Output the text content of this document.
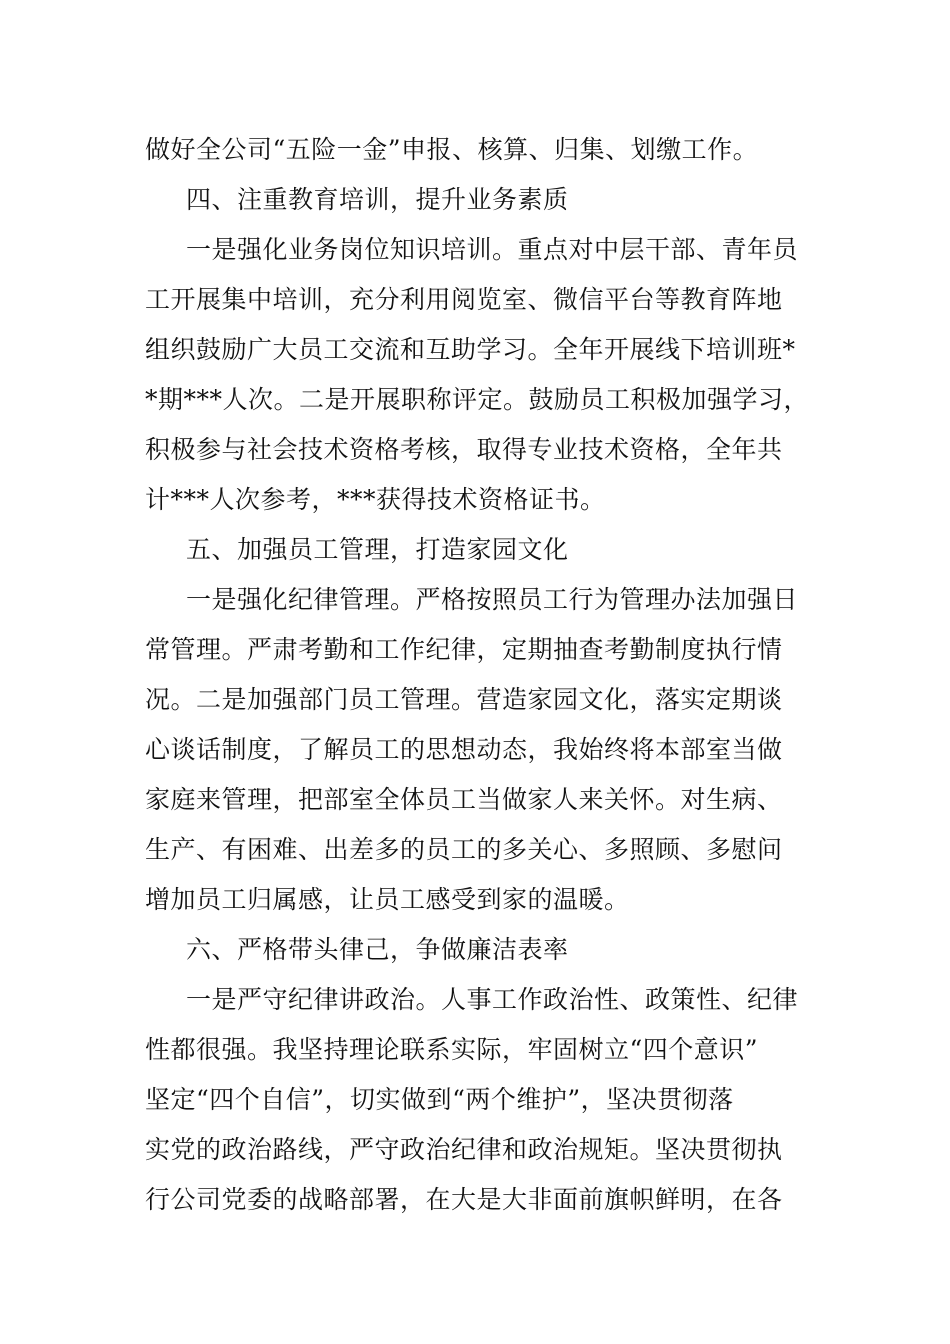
做好全公司“五险一金”申报、核算、归集、划缴工作。
四、注重教育培训，提升业务素质
一是强化业务岗位知识培训。重点对中层干部、青年员
工开展集中培训，充分利用阅览室、微信平台等教育阵地
组织鼓励广大员工交流和互助学习。全年开展线下培训班*
*期***人次。二是开展职称评定。鼓励员工积极加强学习，
积极参与社会技术资格考核，取得专业技术资格，全年共
计***人次参考，***获得技术资格证书。
五、加强员工管理，打造家园文化
一是强化纪律管理。严格按照员工行为管理办法加强日
常管理。严肃考勤和工作纪律，定期抽查考勤制度执行情
况。二是加强部门员工管理。营造家园文化，落实定期谈
心谈话制度，了解员工的思想动态，我始终将本部室当做
家庭来管理，把部室全体员工当做家人来关怀。对生病、
生产、有困难、出差多的员工的多关心、多照顾、多慰问
增加员工归属感，让员工感受到家的温暖。
六、严格带头律己，争做廉洁表率
一是严守纪律讲政治。人事工作政治性、政策性、纪律
性都很强。我坚持理论联系实际，牢固树立“四个意识”
坚定“四个自信”，切实做到“两个维护”，坚决贯彻落
实党的政治路线，严守政治纪律和政治规矩。坚决贯彻执
行公司党委的战略部署，在大是大非面前旗帜鲜明，在各
